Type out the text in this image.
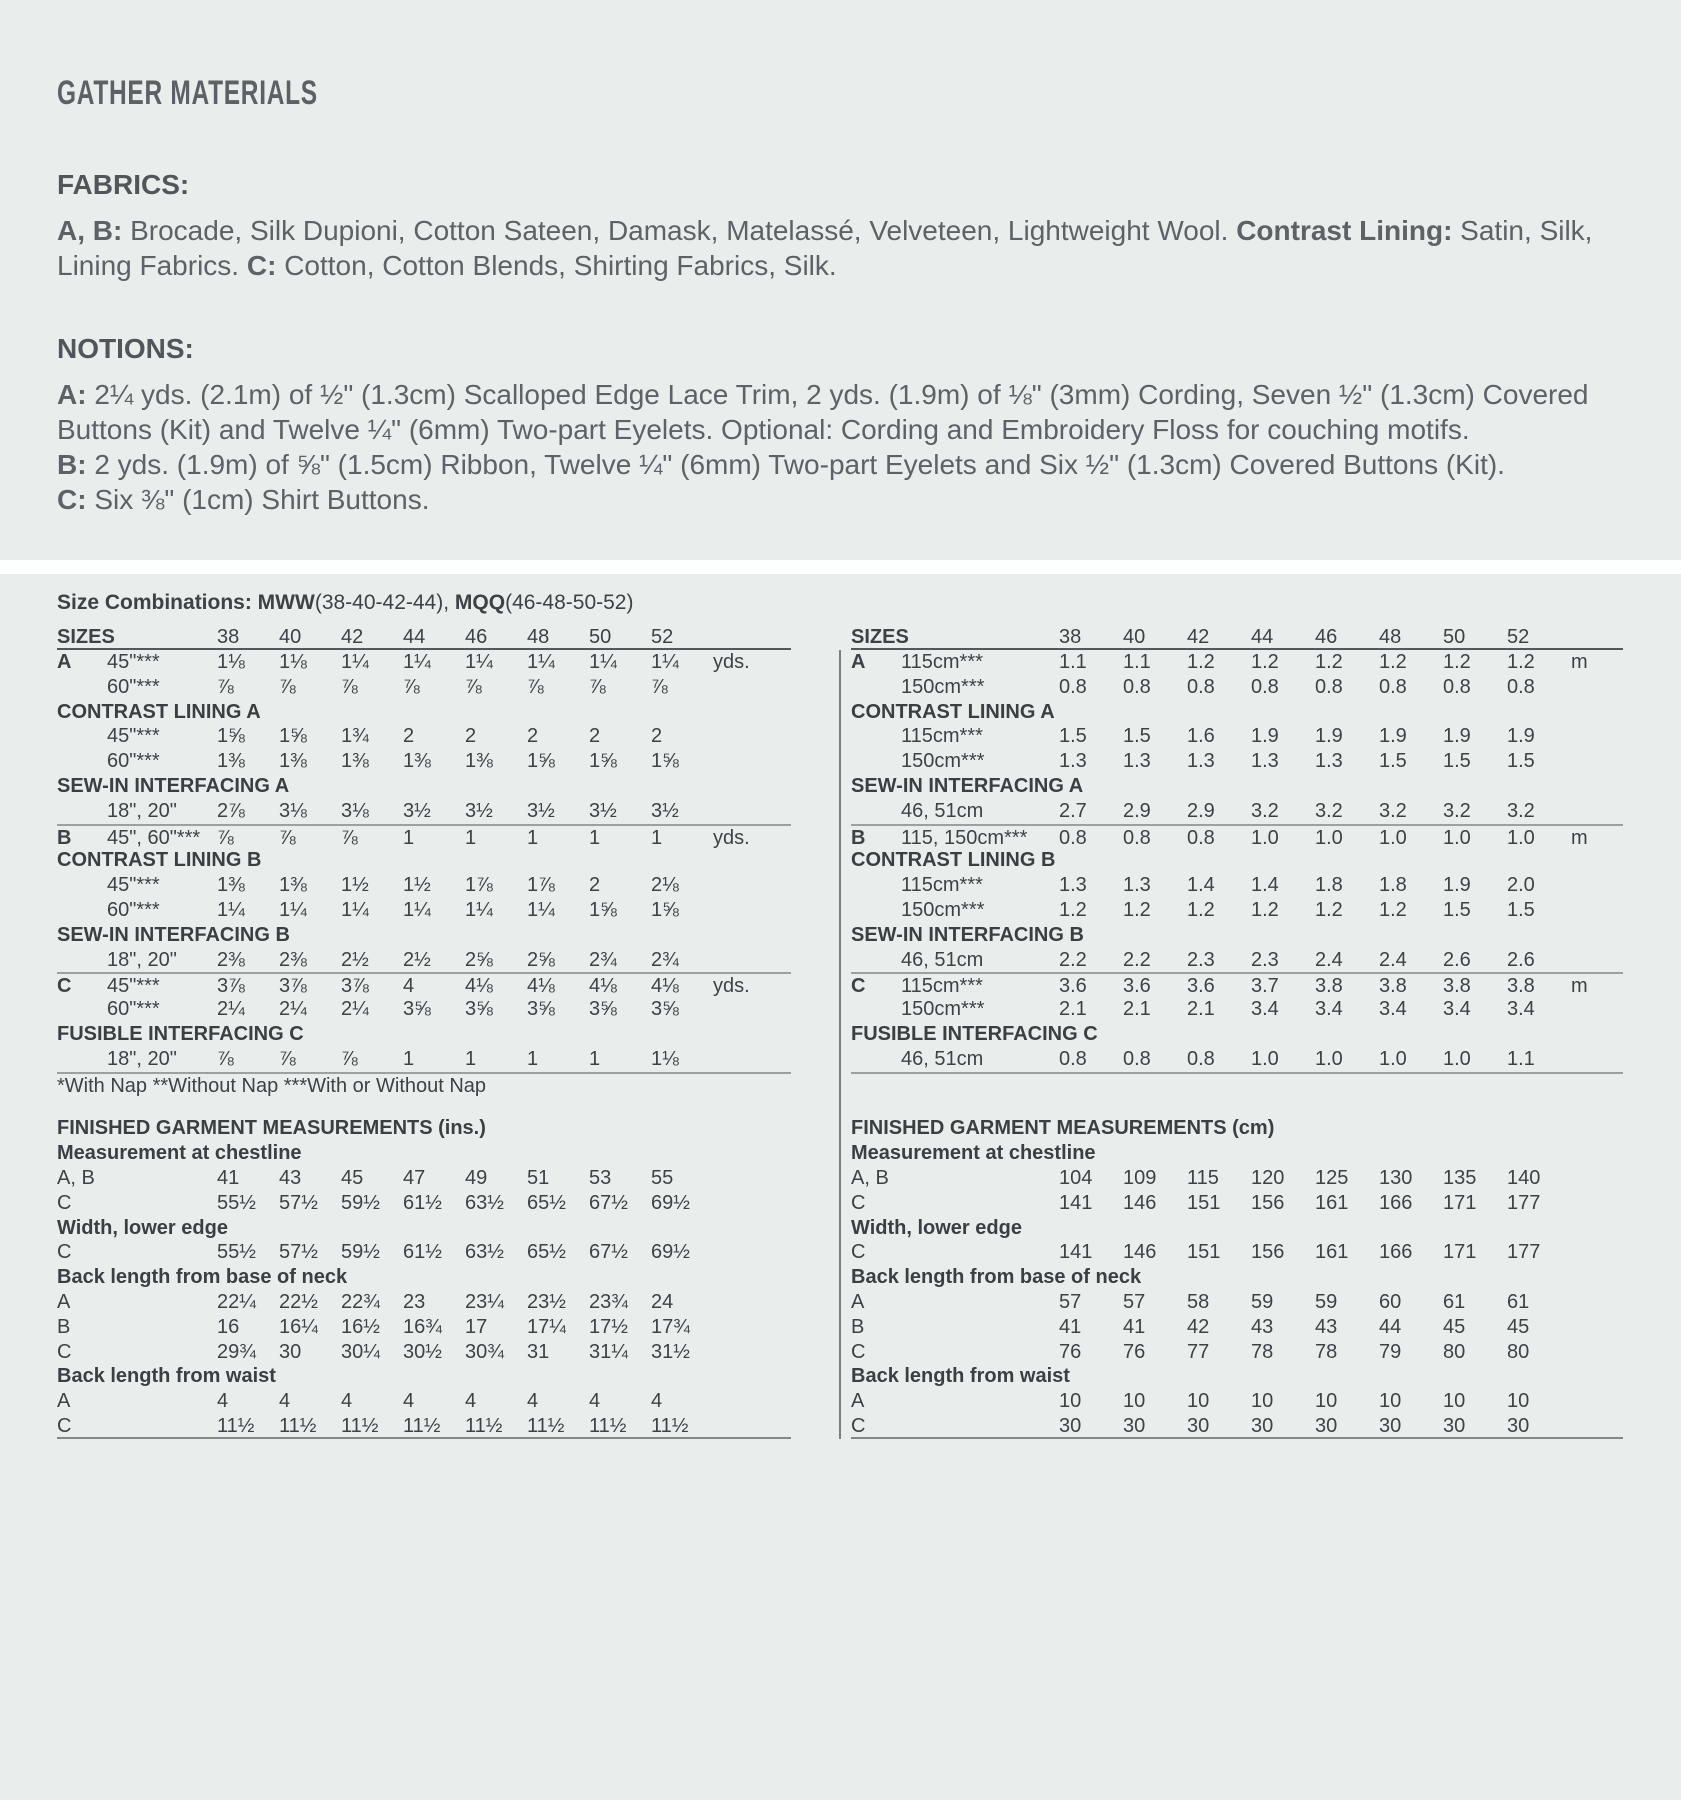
GATHER MATERIALS
FABRICS:
A, B: Brocade, Silk Dupioni, Cotton Sateen, Damask, Matelassé, Velveteen, Lightweight Wool. Contrast Lining: Satin, Silk, Lining Fabrics. C: Cotton, Cotton Blends, Shirting Fabrics, Silk.
NOTIONS:
A: 2¼ yds. (2.1m) of ½" (1.3cm) Scalloped Edge Lace Trim, 2 yds. (1.9m) of ⅛" (3mm) Cording, Seven ½" (1.3cm) Covered Buttons (Kit) and Twelve ¼" (6mm) Two-part Eyelets. Optional: Cording and Embroidery Floss for couching motifs.
B: 2 yds. (1.9m) of ⅝" (1.5cm) Ribbon, Twelve ¼" (6mm) Two-part Eyelets and Six ½" (1.3cm) Covered Buttons (Kit).
C: Six ⅜" (1cm) Shirt Buttons.
Size Combinations: MWW(38-40-42-44), MQQ(46-48-50-52)
SIZES	38	40	42	44	46	48	50	52
A	45"***	1⅛	1⅛	1¼	1¼	1¼	1¼	1¼	1¼	yds.
60"***	⅞	⅞	⅞	⅞	⅞	⅞	⅞	⅞
CONTRAST LINING A
45"***	1⅝	1⅝	1¾	2	2	2	2	2
60"***	1⅜	1⅜	1⅜	1⅜	1⅜	1⅝	1⅝	1⅝
SEW-IN INTERFACING A
18", 20"	2⅞	3⅛	3⅛	3½	3½	3½	3½	3½
B	45", 60"*** ⅞	⅞	⅞	1	1	1	1	1	yds.
CONTRAST LINING B
45"***	1⅜	1⅜	1½	1½	1⅞	1⅞	2	2⅛
60"***	1¼	1¼	1¼	1¼	1¼	1¼	1⅝	1⅝
SEW-IN INTERFACING B
18", 20"	2⅜	2⅜	2½	2½	2⅝	2⅝	2¾	2¾
C	45"***	3⅞	3⅞	3⅞	4	4⅛	4⅛	4⅛	4⅛	yds.
60"***	2¼	2¼	2¼	3⅝	3⅝	3⅝	3⅝	3⅝
FUSIBLE INTERFACING C
18", 20"	⅞	⅞	⅞	1	1	1	1	1⅛
*With Nap **Without Nap ***With or Without Nap
FINISHED GARMENT MEASUREMENTS (ins.)
Measurement at chestline
A, B	41	43	45	47	49	51	53	55
C	55½	57½	59½	61½	63½	65½	67½	69½
Width, lower edge
C	55½	57½	59½	61½	63½	65½	67½	69½
Back length from base of neck
A	22¼	22½	22¾	23	23¼	23½	23¾	24
B	16	16¼	16½	16¾	17	17¼	17½	17¾
C	29¾	30	30¼	30½	30¾	31	31¼	31½
Back length from waist
A	4	4	4	4	4	4	4	4
C	11½	11½	11½	11½	11½	11½	11½	11½
SIZES	38	40	42	44	46	48	50	52
A	115cm***	1.1	1.1	1.2	1.2	1.2	1.2	1.2	1.2	m
150cm***	0.8	0.8	0.8	0.8	0.8	0.8	0.8	0.8
CONTRAST LINING A
115cm***	1.5	1.5	1.6	1.9	1.9	1.9	1.9	1.9
150cm***	1.3	1.3	1.3	1.3	1.3	1.5	1.5	1.5
SEW-IN INTERFACING A
46, 51cm	2.7	2.9	2.9	3.2	3.2	3.2	3.2	3.2
B	115, 150cm***	0.8	0.8	0.8	1.0	1.0	1.0	1.0	1.0	m
CONTRAST LINING B
115cm***	1.3	1.3	1.4	1.4	1.8	1.8	1.9	2.0
150cm***	1.2	1.2	1.2	1.2	1.2	1.2	1.5	1.5
SEW-IN INTERFACING B
46, 51cm	2.2	2.2	2.3	2.3	2.4	2.4	2.6	2.6
C	115cm***	3.6	3.6	3.6	3.7	3.8	3.8	3.8	3.8	m
150cm***	2.1	2.1	2.1	3.4	3.4	3.4	3.4	3.4
FUSIBLE INTERFACING C
46, 51cm	0.8	0.8	0.8	1.0	1.0	1.0	1.0	1.1
FINISHED GARMENT MEASUREMENTS (cm)
Measurement at chestline
A, B	104	109	115	120	125	130	135	140
C	141	146	151	156	161	166	171	177
Width, lower edge
C	141	146	151	156	161	166	171	177
Back length from base of neck
A	57	57	58	59	59	60	61	61
B	41	41	42	43	43	44	45	45
C	76	76	77	78	78	79	80	80
Back length from waist
A	10	10	10	10	10	10	10	10
C	30	30	30	30	30	30	30	30
